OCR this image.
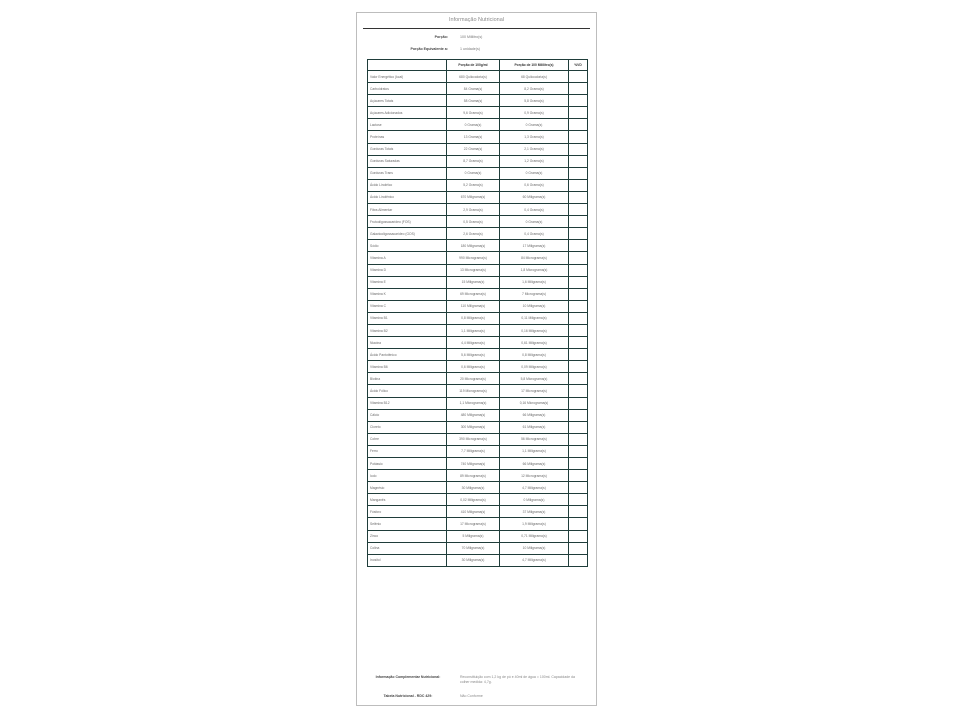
Informação Nutricional
Porção:	100 Mililitro(s)
Porção Equivalente a:	1 unidade(s)
	Porção de 100g/ml	Porção de 100 Mililitro(s)	%VD
Valor Energético (kcal)	680 Quilocaloria(s)	68 Quilocaloria(s)	
Carboidratos	84 Grama(s)	8,2 Grama(s)	
Açúcares Totais	58 Grama(s)	5,8 Grama(s)	
Açúcares Adicionados	9,6 Grama(s)	0,9 Grama(s)	
Lactose	0 Grama(s)	0 Grama(s)	
Proteínas	13 Grama(s)	1,3 Grama(s)	
Gorduras Totais	22 Grama(s)	2,1 Grama(s)	
Gorduras Saturadas	8,7 Grama(s)	1,2 Grama(s)	
Gorduras Trans	0 Grama(s)	0 Grama(s)	
Ácido Linoléico	5,2 Grama(s)	0,6 Grama(s)	
Ácido Linolênico	670 Miligrama(s)	60 Miligrama(s)	
Fibra Alimentar	2,9 Grama(s)	0,4 Grama(s)	
Frutooligossacarídeo (FOS)	0,5 Grama(s)	0 Grama(s)	
Galactooligossacarídeo (GOS)	2,6 Grama(s)	0,4 Grama(s)	
Sódio	180 Miligrama(s)	17 Miligrama(s)	
Vitamina A	990 Micrograma(s)	84 Micrograma(s)	
Vitamina D	13 Micrograma(s)	1,8 Micrograma(s)	
Vitamina E	15 Miligrama(s)	1,6 Miligrama(s)	
Vitamina K	69 Micrograma(s)	7 Micrograma(s)	
Vitamina C	110 Miligrama(s)	10 Miligrama(s)	
Vitamina B1	0,8 Miligrama(s)	0,11 Miligrama(s)	
Vitamina B2	1,1 Miligrama(s)	0,16 Miligrama(s)	
Niacina	4,4 Miligrama(s)	0,61 Miligrama(s)	
Ácido Pantotênico	5,6 Miligrama(s)	0,8 Miligrama(s)	
Vitamina B6	0,6 Miligrama(s)	0,09 Miligrama(s)	
Biotina	20 Micrograma(s)	5,8 Micrograma(s)	
Ácido Fólico	119 Micrograma(s)	17 Micrograma(s)	
Vitamina B12	1,1 Micrograma(s)	0,16 Micrograma(s)	
Cálcio	480 Miligrama(s)	66 Miligrama(s)	
Cloreto	300 Miligrama(s)	61 Miligrama(s)	
Cobre	390 Micrograma(s)	56 Micrograma(s)	
Ferro	7,7 Miligrama(s)	1,1 Miligrama(s)	
Potássio	740 Miligrama(s)	66 Miligrama(s)	
Iodo	89 Micrograma(s)	12 Micrograma(s)	
Magnésio	30 Miligrama(s)	4,7 Miligrama(s)	
Manganês	0,02 Miligrama(s)	0 Miligrama(s)	
Fósforo	410 Miligrama(s)	37 Miligrama(s)	
Selênio	17 Micrograma(s)	1,9 Miligrama(s)	
Zinco	5 Miligrama(s)	0,71 Miligrama(s)	
Colina	70 Miligrama(s)	10 Miligrama(s)	
Inositol	30 Miligrama(s)	4,7 Miligrama(s)	
Informação Complementar Nutricional:	Reconstituição com 1,2 kg de pó e 40ml de água = 100ml. Capacidade da colher medida: 4,7g.
Tabela Nutricional - RDC 429:	Não Conforme
